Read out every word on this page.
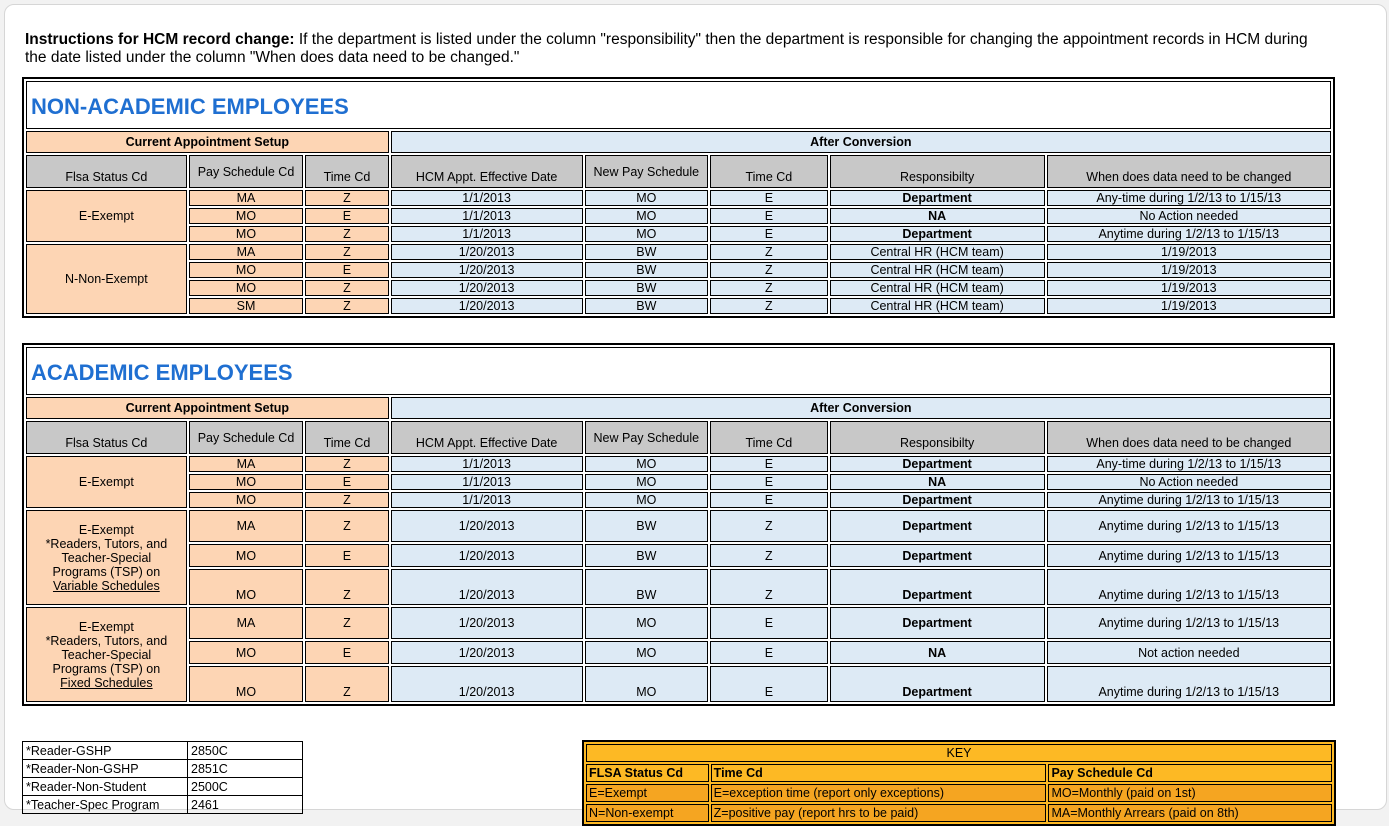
Instructions for HCM record change: If the department is listed under the column "responsibility" then the department is responsible for changing the appointment records in HCM during the date listed under the column "When does data need to be changed."
NON-ACADEMIC EMPLOYEES
Current Appointment Setup			After Conversion				
Flsa Status Cd	Pay Schedule Cd	Time Cd	HCM Appt. Effective Date	New Pay Schedule	Time Cd	Responsibilty	When does data need to be changed
E-Exempt	MA	Z	1/1/2013	MO	E	Department	Any-time during 1/2/13 to 1/15/13
	MO	E	1/1/2013	MO	E	NA	No Action needed
	MO	Z	1/1/2013	MO	E	Department	Anytime during 1/2/13 to 1/15/13
N-Non-Exempt	MA	Z	1/20/2013	BW	Z	Central HR (HCM team)	1/19/2013
	MO	E	1/20/2013	BW	Z	Central HR (HCM team)	1/19/2013
	MO	Z	1/20/2013	BW	Z	Central HR (HCM team)	1/19/2013
	SM	Z	1/20/2013	BW	Z	Central HR (HCM team)	1/19/2013
ACADEMIC EMPLOYEES
Current Appointment Setup			After Conversion				
Flsa Status Cd	Pay Schedule Cd	Time Cd	HCM Appt. Effective Date	New Pay Schedule	Time Cd	Responsibilty	When does data need to be changed
E-Exempt	MA	Z	1/1/2013	MO	E	Department	Any-time during 1/2/13 to 1/15/13
	MO	E	1/1/2013	MO	E	NA	No Action needed
	MO	Z	1/1/2013	MO	E	Department	Anytime during 1/2/13 to 1/15/13
E-Exempt
*Readers, Tutors, and
Teacher-Special
Programs (TSP) on
Variable Schedules	MA	Z	1/20/2013	BW	Z	Department	Anytime during 1/2/13 to 1/15/13
	MO	E	1/20/2013	BW	Z	Department	Anytime during 1/2/13 to 1/15/13
	MO	Z	1/20/2013	BW	Z	Department	Anytime during 1/2/13 to 1/15/13
E-Exempt
*Readers, Tutors, and
Teacher-Special
Programs (TSP) on
Fixed Schedules	MA	Z	1/20/2013	MO	E	Department	Anytime during 1/2/13 to 1/15/13
	MO	E	1/20/2013	MO	E	NA	Not action needed
	MO	Z	1/20/2013	MO	E	Department	Anytime during 1/2/13 to 1/15/13
*Reader-GSHP	2850C
*Reader-Non-GSHP	2851C
*Reader-Non-Student	2500C
*Teacher-Spec Program	2461
KEY		
FLSA Status Cd	Time Cd	Pay Schedule Cd
E=Exempt	E=exception time (report only exceptions)	MO=Monthly (paid on 1st)
N=Non-exempt	Z=positive pay (report hrs to be paid)	MA=Monthly Arrears (paid on 8th)
